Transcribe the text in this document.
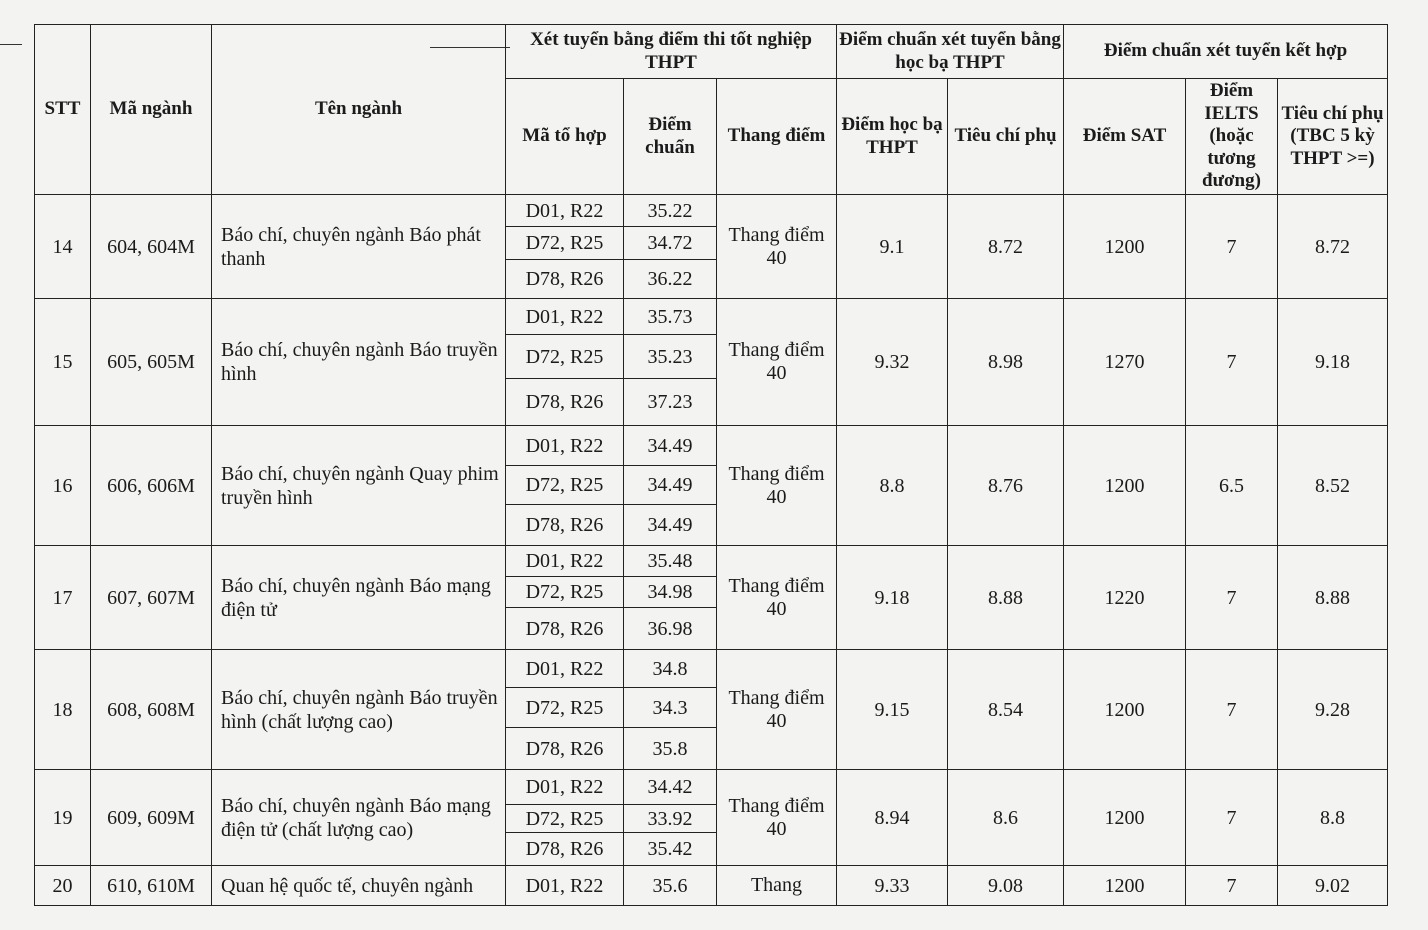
STT	Mã ngành	Tên ngành	Xét tuyển bằng điểm thi tốt nghiệp THPT			Điểm chuẩn xét tuyển bằng học bạ THPT		Điểm chuẩn xét tuyển kết hợp		
			Mã tổ hợp	Điểm chuẩn	Thang điểm	Điểm học bạ THPT	Tiêu chí phụ	Điểm SAT	Điểm IELTS (hoặc tương đương)	Tiêu chí phụ (TBC 5 kỳ THPT >=)
14	604, 604M	Báo chí, chuyên ngành Báo phát thanh	D01, R22	35.22	Thang điểm 40	9.1	8.72	1200	7	8.72
			D72, R25	34.72						
			D78, R26	36.22						
15	605, 605M	Báo chí, chuyên ngành Báo truyền hình	D01, R22	35.73	Thang điểm 40	9.32	8.98	1270	7	9.18
			D72, R25	35.23						
			D78, R26	37.23						
16	606, 606M	Báo chí, chuyên ngành Quay phim truyền hình	D01, R22	34.49	Thang điểm 40	8.8	8.76	1200	6.5	8.52
			D72, R25	34.49						
			D78, R26	34.49						
17	607, 607M	Báo chí, chuyên ngành Báo mạng điện tử	D01, R22	35.48	Thang điểm 40	9.18	8.88	1220	7	8.88
			D72, R25	34.98						
			D78, R26	36.98						
18	608, 608M	Báo chí, chuyên ngành Báo truyền hình (chất lượng cao)	D01, R22	34.8	Thang điểm 40	9.15	8.54	1200	7	9.28
			D72, R25	34.3						
			D78, R26	35.8						
19	609, 609M	Báo chí, chuyên ngành Báo mạng điện tử (chất lượng cao)	D01, R22	34.42	Thang điểm 40	8.94	8.6	1200	7	8.8
			D72, R25	33.92						
			D78, R26	35.42						
20	610, 610M	Quan hệ quốc tế, chuyên ngành	D01, R22	35.6	Thang	9.33	9.08	1200	7	9.02
